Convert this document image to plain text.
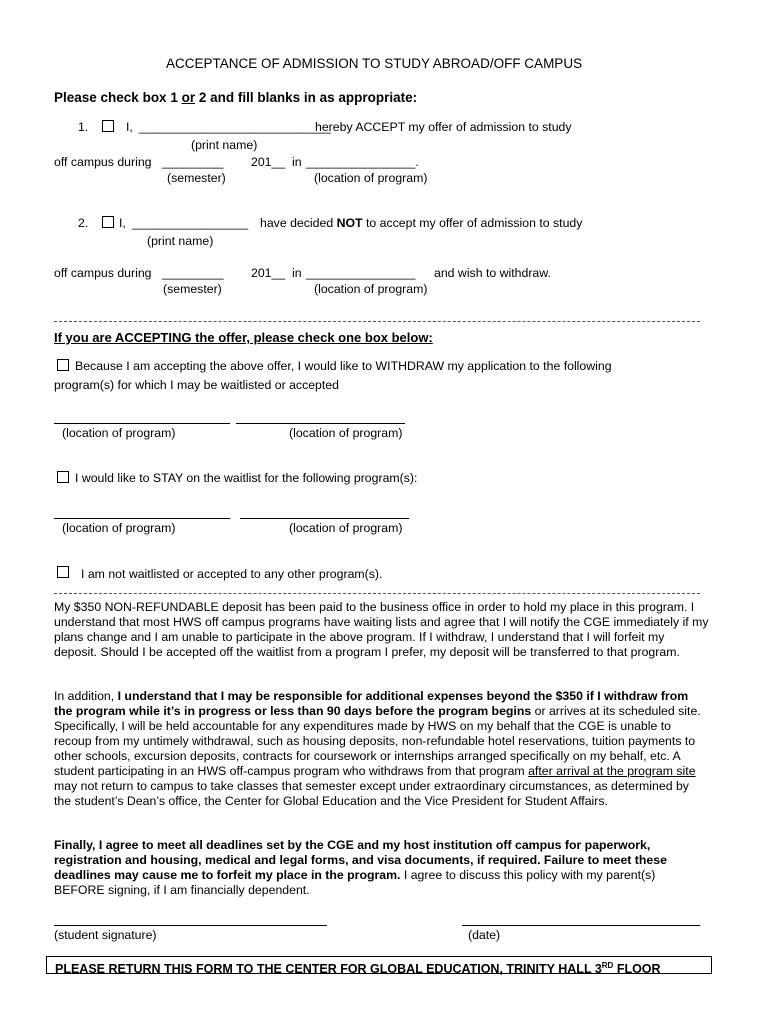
ACCEPTANCE OF ADMISSION TO STUDY ABROAD/OFF CAMPUS
Please check box 1 or 2 and fill blanks in as appropriate:
1.	I, ____________________________
hereby ACCEPT my offer of admission to study
(print name)
off campus during _________ 201__ in ________________.
(semester)	(location of program)
2. I, _________________ have decided NOT to accept my offer of admission to study
(print name)
off campus during _________ 201__ in ________________ and wish to withdraw.
(semester)	(location of program)
If you are ACCEPTING the offer, please check one box below:
Because I am accepting the above offer, I would like to WITHDRAW my application to the following
program(s) for which I may be waitlisted or accepted
(location of program)	(location of program)
I would like to STAY on the waitlist for the following program(s):
(location of program)	(location of program)
I am not waitlisted or accepted to any other program(s).
My $350 NON-REFUNDABLE deposit has been paid to the business office in order to hold my place in this program. I understand that most HWS off campus programs have waiting lists and agree that I will notify the CGE immediately if my plans change and I am unable to participate in the above program. If I withdraw, I understand that I will forfeit my deposit. Should I be accepted off the waitlist from a program I prefer, my deposit will be transferred to that program.
In addition, I understand that I may be responsible for additional expenses beyond the $350 if I withdraw from the program while it’s in progress or less than 90 days before the program begins or arrives at its scheduled site. Specifically, I will be held accountable for any expenditures made by HWS on my behalf that the CGE is unable to recoup from my untimely withdrawal, such as housing deposits, non-refundable hotel reservations, tuition payments to other schools, excursion deposits, contracts for coursework or internships arranged specifically on my behalf, etc. A student participating in an HWS off-campus program who withdraws from that program after arrival at the program site may not return to campus to take classes that semester except under extraordinary circumstances, as determined by the student’s Dean’s office, the Center for Global Education and the Vice President for Student Affairs.
Finally, I agree to meet all deadlines set by the CGE and my host institution off campus for paperwork, registration and housing, medical and legal forms, and visa documents, if required. Failure to meet these deadlines may cause me to forfeit my place in the program. I agree to discuss this policy with my parent(s) BEFORE signing, if I am financially dependent.
(student signature)	(date)
PLEASE RETURN THIS FORM TO THE CENTER FOR GLOBAL EDUCATION, TRINITY HALL 3RD FLOOR
